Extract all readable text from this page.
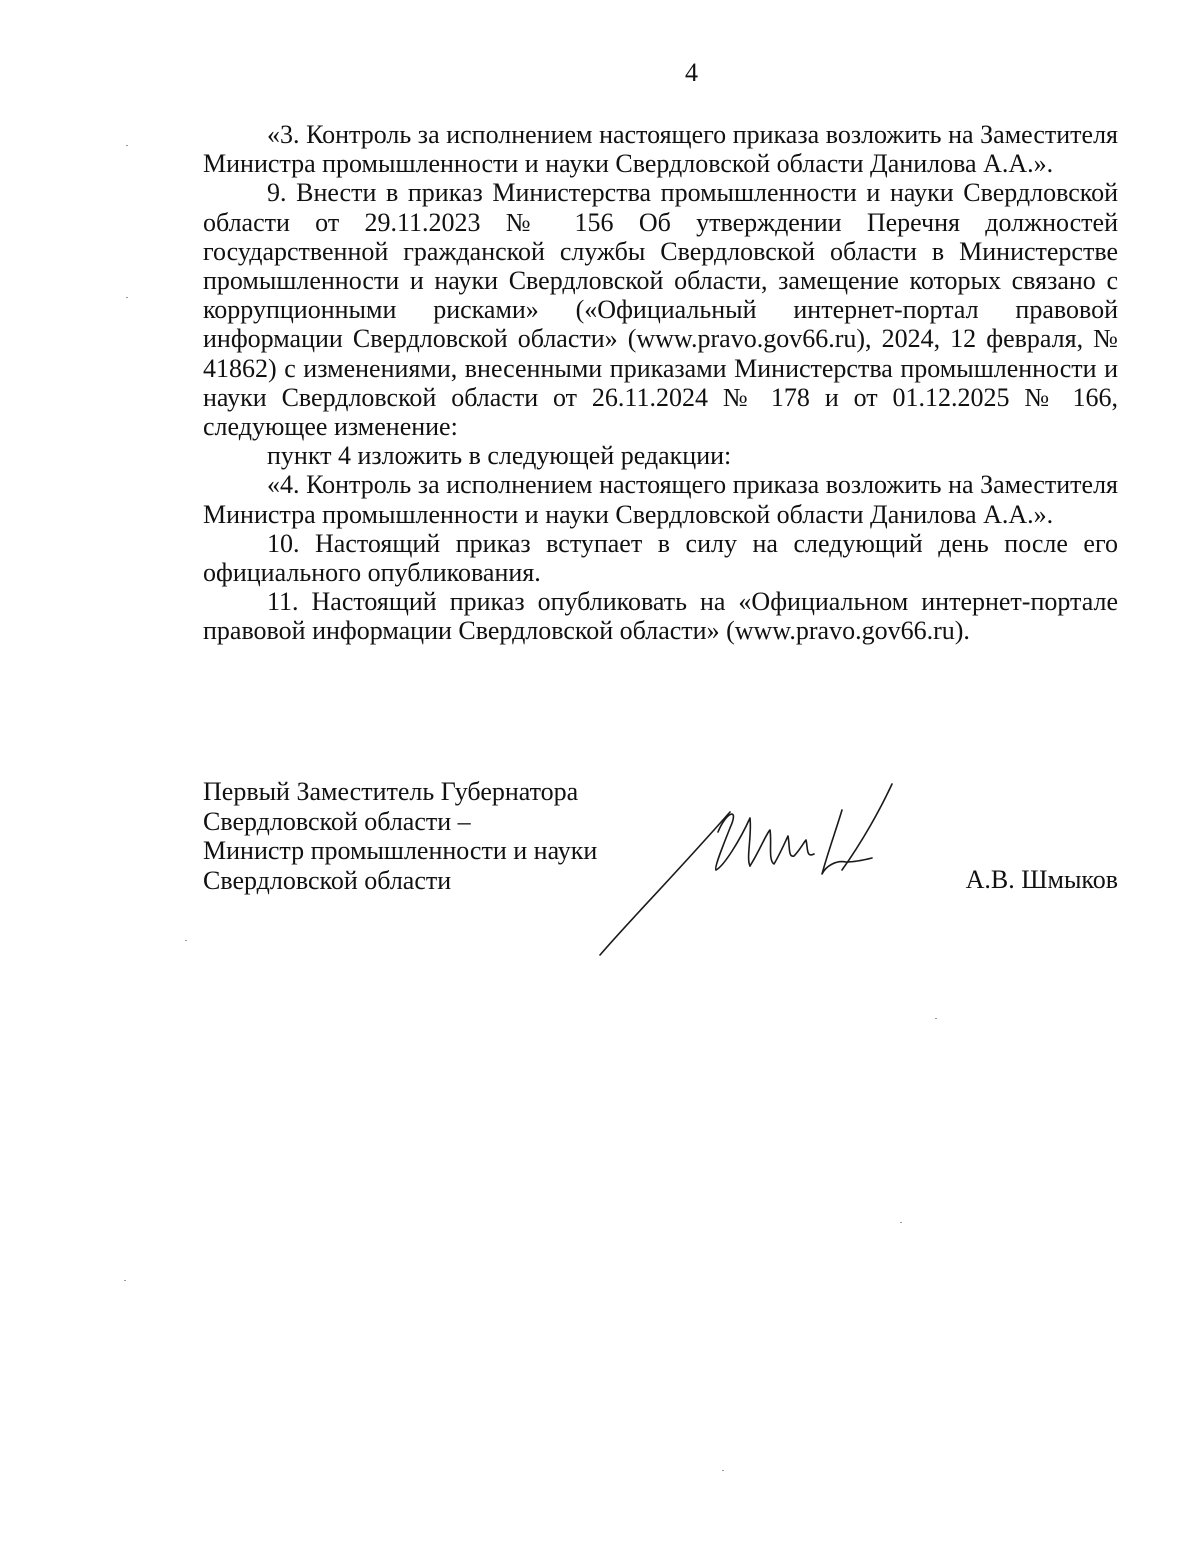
4

«3. Контроль за исполнением настоящего приказа возложить на Заместителя Министра промышленности и науки Свердловской области Данилова А.А.».

9. Внести в приказ Министерства промышленности и науки Свердловской области от 29.11.2023 № 156 Об утверждении Перечня должностей государственной гражданской службы Свердловской области в Министерстве промышленности и науки Свердловской области, замещение которых связано с коррупционными рисками» («Официальный интернет-портал правовой информации Свердловской области» (www.pravo.gov66.ru), 2024, 12 февраля, № 41862) с изменениями, внесенными приказами Министерства промышленности и науки Свердловской области от 26.11.2024 № 178 и от 01.12.2025 № 166, следующее изменение:

пункт 4 изложить в следующей редакции:

«4. Контроль за исполнением настоящего приказа возложить на Заместителя Министра промышленности и науки Свердловской области Данилова А.А.».

10. Настоящий приказ вступает в силу на следующий день после его официального опубликования.

11. Настоящий приказ опубликовать на «Официальном интернет-портале правовой информации Свердловской области» (www.pravo.gov66.ru).

Первый Заместитель Губернатора
Свердловской области –
Министр промышленности и науки
Свердловской области	А.В. Шмыков
